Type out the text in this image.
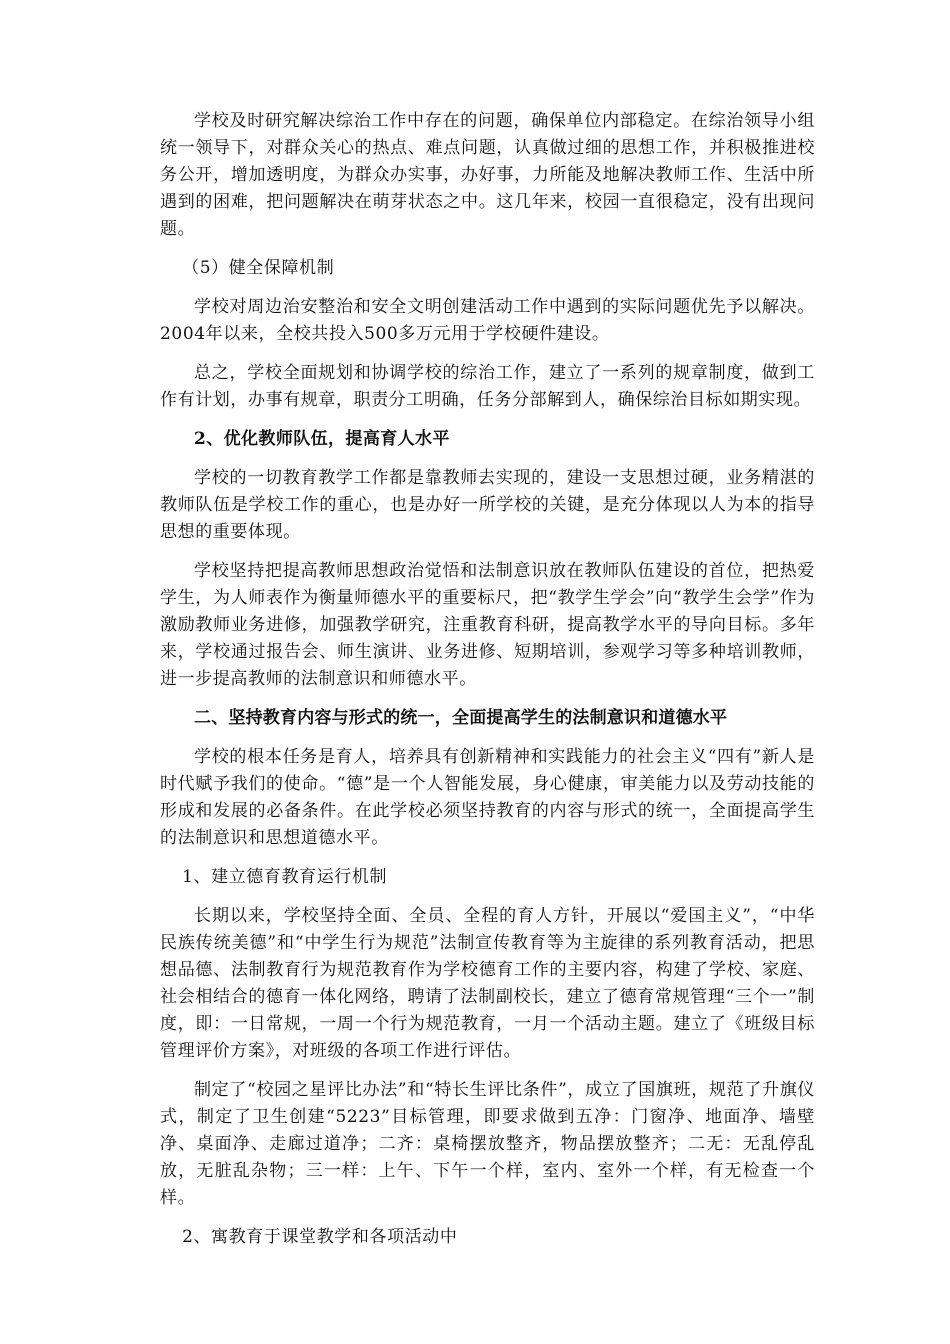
学校及时研究解决综治工作中存在的问题，确保单位内部稳定。在综治领导小组统一领导下，对群众关心的热点、难点问题，认真做过细的思想工作，并积极推进校务公开，增加透明度，为群众办实事，办好事，力所能及地解决教师工作、生活中所遇到的困难，把问题解决在萌芽状态之中。这几年来，校园一直很稳定，没有出现问题。

（5）健全保障机制

学校对周边治安整治和安全文明创建活动工作中遇到的实际问题优先予以解决。2004年以来，全校共投入500多万元用于学校硬件建设。

总之，学校全面规划和协调学校的综治工作，建立了一系列的规章制度，做到工作有计划，办事有规章，职责分工明确，任务分部解到人，确保综治目标如期实现。

2、优化教师队伍，提高育人水平

学校的一切教育教学工作都是靠教师去实现的，建设一支思想过硬，业务精湛的教师队伍是学校工作的重心，也是办好一所学校的关键，是充分体现以人为本的指导思想的重要体现。

学校坚持把提高教师思想政治觉悟和法制意识放在教师队伍建设的首位，把热爱学生，为人师表作为衡量师德水平的重要标尺，把“教学生学会”向“教学生会学”作为激励教师业务进修，加强教学研究，注重教育科研，提高教学水平的导向目标。多年来，学校通过报告会、师生演讲、业务进修、短期培训，参观学习等多种培训教师，进一步提高教师的法制意识和师德水平。

二、坚持教育内容与形式的统一，全面提高学生的法制意识和道德水平

学校的根本任务是育人，培养具有创新精神和实践能力的社会主义“四有”新人是时代赋予我们的使命。“德”是一个人智能发展，身心健康，审美能力以及劳动技能的形成和发展的必备条件。在此学校必须坚持教育的内容与形式的统一，全面提高学生的法制意识和思想道德水平。

1、建立德育教育运行机制

长期以来，学校坚持全面、全员、全程的育人方针，开展以“爱国主义”，“中华民族传统美德”和“中学生行为规范”法制宣传教育等为主旋律的系列教育活动，把思想品德、法制教育行为规范教育作为学校德育工作的主要内容，构建了学校、家庭、社会相结合的德育一体化网络，聘请了法制副校长，建立了德育常规管理“三个一”制度，即：一日常规，一周一个行为规范教育，一月一个活动主题。建立了《班级目标管理评价方案》，对班级的各项工作进行评估。

制定了“校园之星评比办法”和“特长生评比条件”，成立了国旗班，规范了升旗仪式，制定了卫生创建“5223”目标管理，即要求做到五净：门窗净、地面净、墙壁净、桌面净、走廊过道净；二齐：桌椅摆放整齐，物品摆放整齐；二无：无乱停乱放，无脏乱杂物；三一样：上午、下午一个样，室内、室外一个样，有无检查一个样。

2、寓教育于课堂教学和各项活动中
